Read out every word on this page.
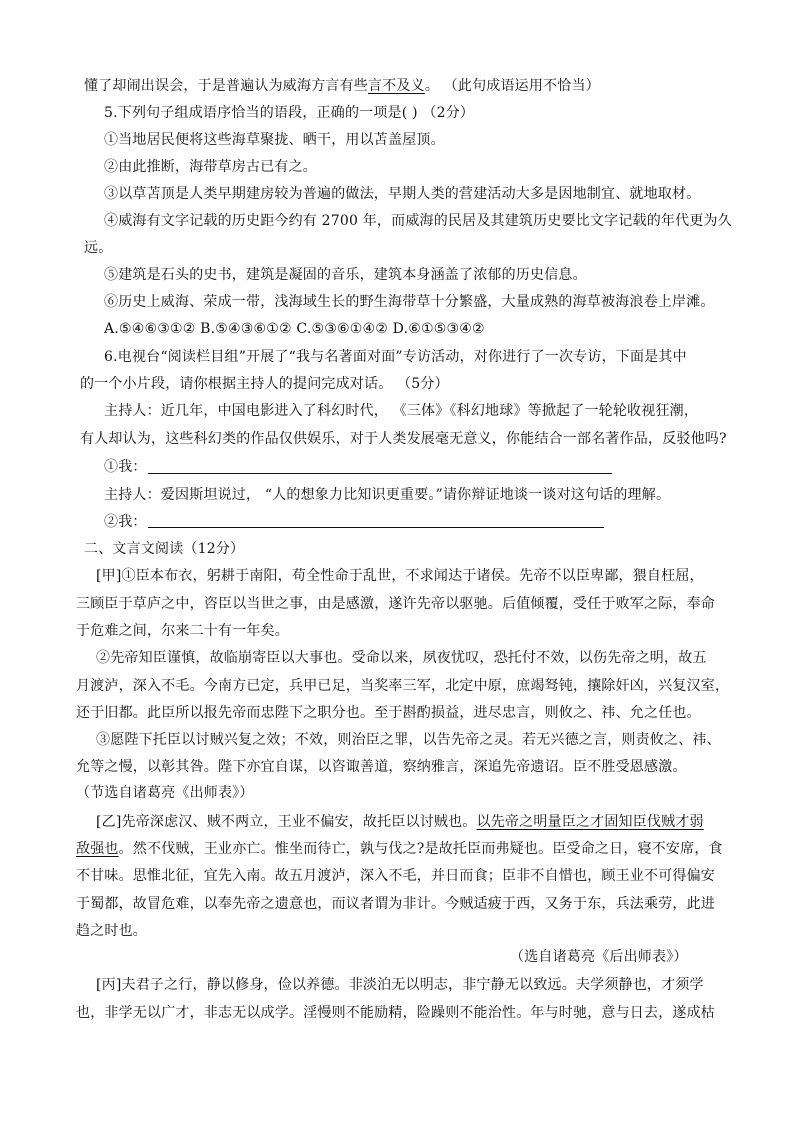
懂了却闹出误会，于是普遍认为威海方言有些言不及义。 （此句成语运用不恰当）
5.下列句子组成语序恰当的语段，正确的一项是( ) （2分）
①当地居民便将这些海草聚拢、晒干，用以苫盖屋顶。
②由此推断，海带草房古已有之。
③以草苫顶是人类早期建房较为普遍的做法，早期人类的营建活动大多是因地制宜、就地取材。
④威海有文字记载的历史距今约有 2700 年，而威海的民居及其建筑历史要比文字记载的年代更为久
远。
⑤建筑是石头的史书，建筑是凝固的音乐，建筑本身涵盖了浓郁的历史信息。
⑥历史上威海、荣成一带，浅海域生长的野生海带草十分繁盛，大量成熟的海草被海浪卷上岸滩。
A.⑤④⑥③①② B.⑤④③⑥①② C.⑤③⑥①④② D.⑥①⑤③④②
6.电视台“阅读栏目组”开展了“我与名著面对面”专访活动，对你进行了一次专访，下面是其中
的一个小片段，请你根据主持人的提问完成对话。 （5分）
主持人：近几年，中国电影进入了科幻时代， 《三体》《科幻地球》等掀起了一轮轮收视狂潮，
有人却认为，这些科幻类的作品仅供娱乐，对于人类发展毫无意义，你能结合一部名著作品，反驳他吗?
①我：
主持人：爱因斯坦说过， “人的想象力比知识更重要。”请你辩证地谈一谈对这句话的理解。
②我：
二、文言文阅读（12分）
[甲]①臣本布衣，躬耕于南阳，苟全性命于乱世，不求闻达于诸侯。先帝不以臣卑鄙，猥自枉屈，
三顾臣于草庐之中，咨臣以当世之事，由是感激，遂许先帝以驱驰。后值倾覆，受任于败军之际，奉命
于危难之间，尔来二十有一年矣。
②先帝知臣谨慎，故临崩寄臣以大事也。受命以来，夙夜忧叹，恐托付不效，以伤先帝之明，故五
月渡泸，深入不毛。今南方已定，兵甲已足，当奖率三军，北定中原，庶竭驽钝，攘除奸凶，兴复汉室，
还于旧都。此臣所以报先帝而忠陛下之职分也。至于斟酌损益，进尽忠言，则攸之、祎、允之任也。
③愿陛下托臣以讨贼兴复之效；不效，则治臣之罪，以告先帝之灵。若无兴德之言，则责攸之、祎、
允等之慢，以彰其咎。陛下亦宜自谋，以咨诹善道，察纳雅言，深追先帝遗诏。臣不胜受恩感激。
（节选自诸葛亮《出师表》）
[乙]先帝深虑汉、贼不两立，王业不偏安，故托臣以讨贼也。以先帝之明量臣之才固知臣伐贼才弱
敌强也。然不伐贼，王业亦亡。惟坐而待亡，孰与伐之?是故托臣而弗疑也。臣受命之日，寝不安席，食
不甘味。思惟北征，宜先入南。故五月渡泸，深入不毛，并日而食；臣非不自惜也，顾王业不可得偏安
于蜀都，故冒危难，以奉先帝之遗意也，而议者谓为非计。今贼适疲于西，又务于东，兵法乘劳，此进
趋之时也。
（选自诸葛亮《后出师表》）
[丙]夫君子之行，静以修身，俭以养德。非淡泊无以明志，非宁静无以致远。夫学须静也，才须学
也，非学无以广才，非志无以成学。淫慢则不能励精，险躁则不能治性。年与时驰，意与日去，遂成枯
